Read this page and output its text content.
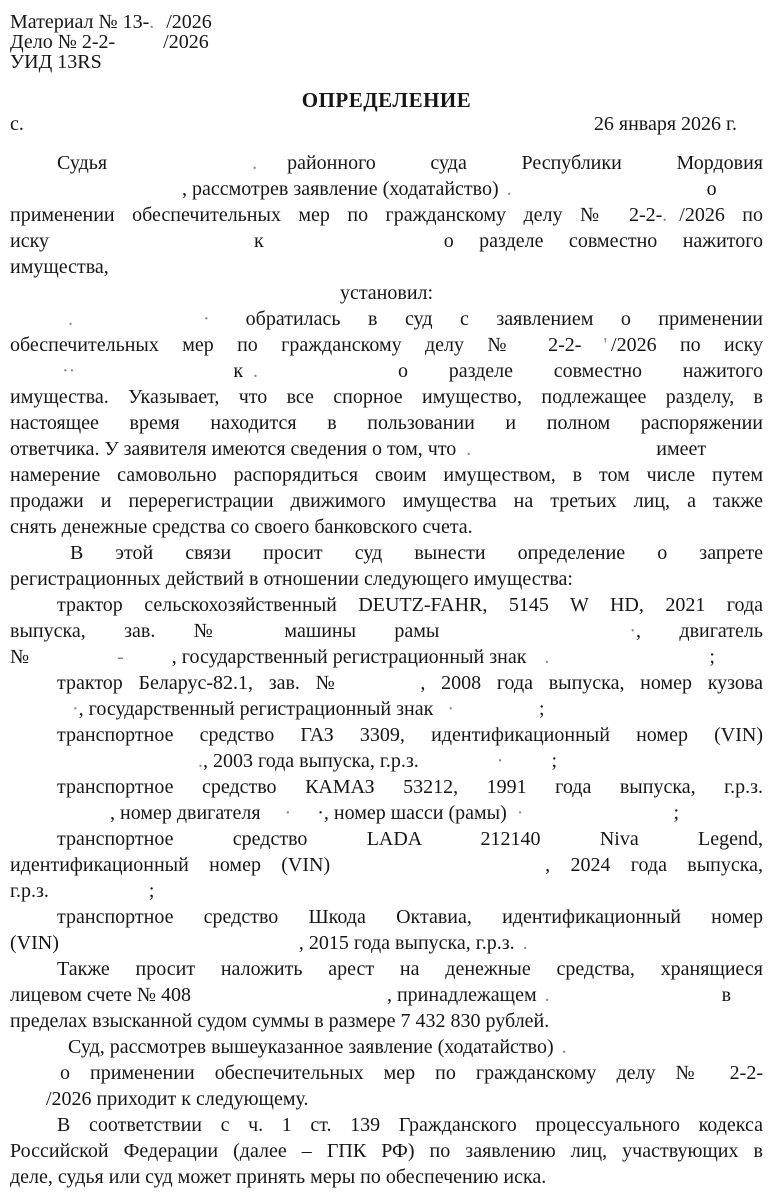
Материал № 13-. /2026
Дело № 2-2- /2026
УИД 13RS
ОПРЕДЕЛЕНИЕ
с.	26 января 2026 г.
Судья	. районного суда Республики Мордовия
, рассмотрев заявление (ходатайство) .	о
применении обеспечительных мер по гражданскому делу № 2-2-. /2026 по
иску	к	о разделе совместно нажитого
имущества,
установил:
.	· обратилась в суд с заявлением о применении
обеспечительных мер по гражданскому делу № 2-2- ' /2026 по иску
··	к .	о разделе совместно нажитого
имущества. Указывает, что все спорное имущество, подлежащее разделу, в
настоящее время находится в пользовании и полном распоряжении
ответчика. У заявителя имеются сведения о том, что .	имеет
намерение самовольно распорядиться своим имуществом, в том числе путем
продажи и перерегистрации движимого имущества на третьих лиц, а также
снять денежные средства со своего банковского счета.
В этой связи просит суд вынести определение о запрете
регистрационных действий в отношении следующего имущества:
трактор сельскохозяйственный DEUTZ-FAHR, 5145 W HD, 2021 года
выпуска, зав. № машины рамы	·, двигатель
№	- , государственный регистрационный знак .	;
трактор Беларус-82.1, зав. №	, 2008 года выпуска, номер кузова
·, государственный регистрационный знак ·	;
транспортное средство ГАЗ 3309, идентификационный номер (VIN)
., 2003 года выпуска, г.р.з.	· ;
транспортное средство КАМАЗ 53212, 1991 года выпуска, г.р.з.
, номер двигателя · ·, номер шасси (рамы) ·	;
транспортное средство LADA 212140 Niva Legend,
идентификационный номер (VIN)	, 2024 года выпуска,
г.р.з.	;
транспортное средство Шкода Октавиа, идентификационный номер
(VIN)	, 2015 года выпуска, г.р.з. .
Также просит наложить арест на денежные средства, хранящиеся
лицевом счете № 408	, принадлежащем .	в
пределах взысканной судом суммы в размере 7 432 830 рублей.
Суд, рассмотрев вышеуказанное заявление (ходатайство) .
о применении обеспечительных мер по гражданскому делу № 2-2-
/2026 приходит к следующему.
В соответствии с ч. 1 ст. 139 Гражданского процессуального кодекса
Российской Федерации (далее – ГПК РФ) по заявлению лиц, участвующих в
деле, судья или суд может принять меры по обеспечению иска.
